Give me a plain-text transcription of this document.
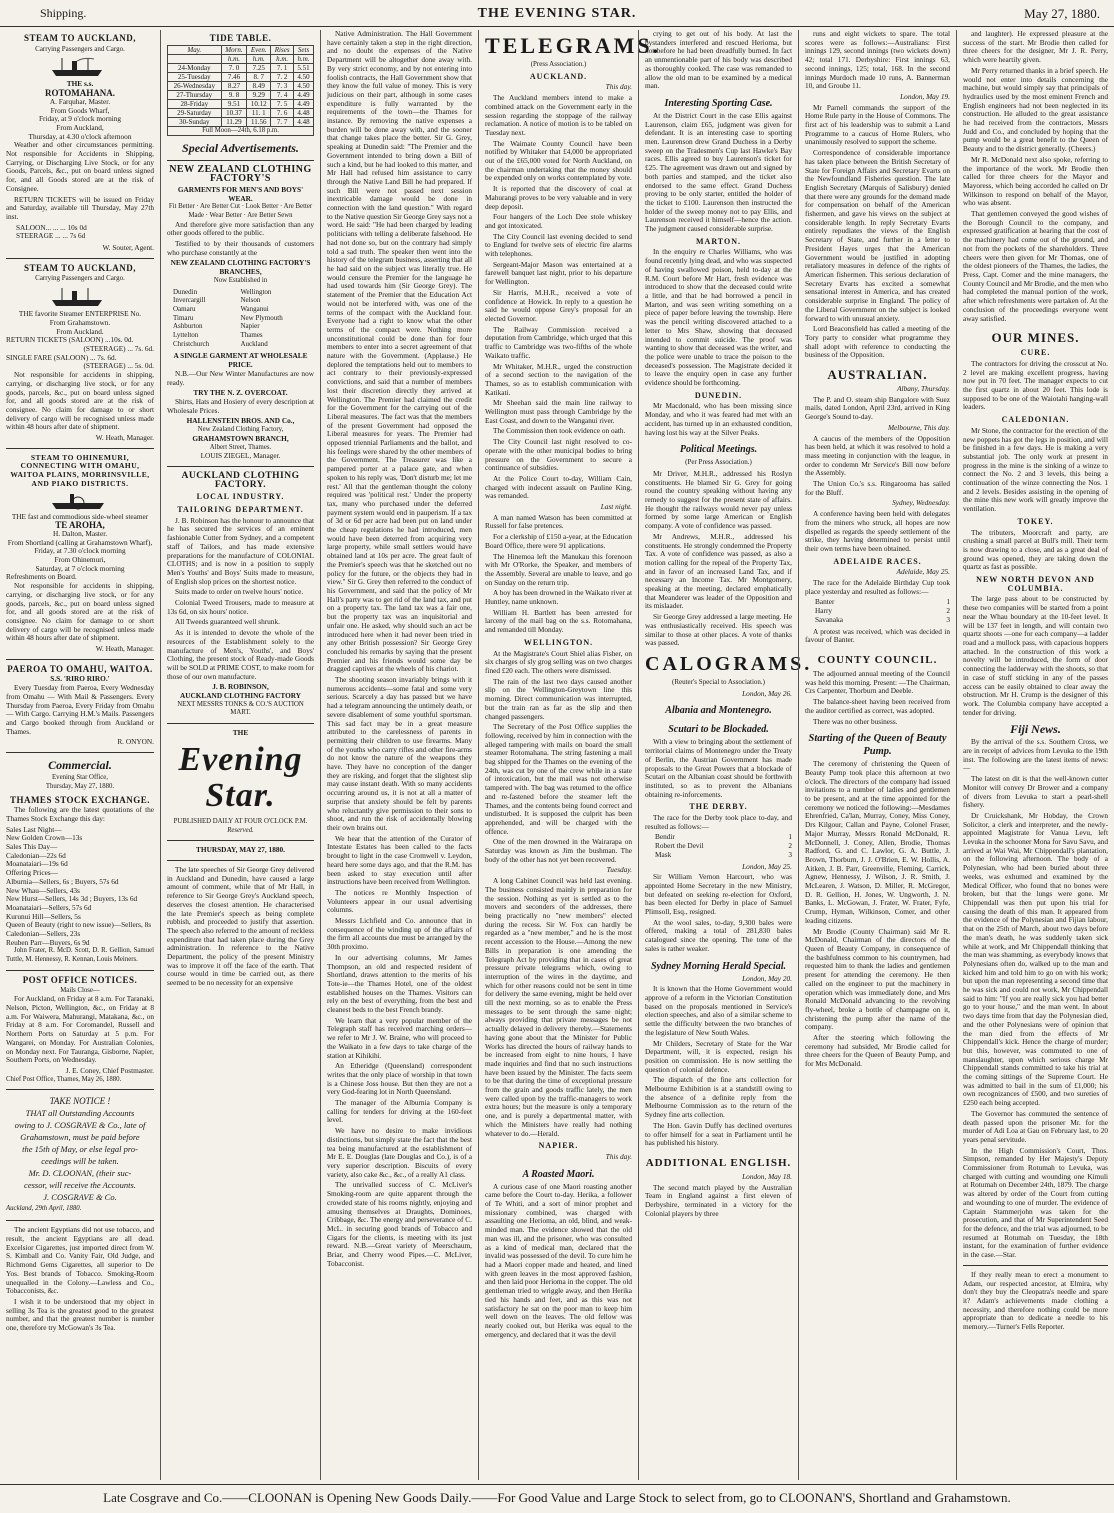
Shipping.	THE EVENING STAR.	May 27, 1880.
STEAM TO AUCKLAND,
Carrying Passengers and Cargo.
THE s.s.
ROTOMAHANA.
A. Farquhar, Master.
From Goods Wharf,
Friday, at 9 o'clock morning
From Auckland,
Thursday, at 4.30 o'clock afternoon

Weather and other circumstances permitting. Not responsible for Accidents in Shipping, Carrying, or Discharging Live Stock, or for any Goods, Parcels, &c., put on board unless signed for, and all Goods stored are at the risk of Consignee.

RETURN TICKETS will be issued on Friday and Saturday, available till Thursday, May 27th inst.

SALOON... ... ... 10s 0d
STEERAGE ... ... 7s 6d
W. Souter, Agent.
STEAM TO AUCKLAND,
Carrying Passengers and Cargo.
THE favorite Steamer ENTERPRISE No.
From Grahamstown.
From Auckland.
RETURN TICKETS (SALOON) ...10s. 0d.
(STEERAGE) ... 7s. 6d.
SINGLE FARE (SALOON) ... 7s. 6d.
(STEERAGE) ... 5s. 0d.

Not responsible for accidents in shipping, carrying, or discharging live stock, or for any goods, parcels, &c., put on board unless signed for, and all goods stored are at the risk of consignee. No claim for damage to or short delivery of cargo will be recognised unless made within 48 hours after date of shipment.

W. Heath, Manager.
STEAM TO OHINEMURI, CONNECTING WITH OMAHU, WAITOA PLAINS, MORRINSVILLE, AND PIAKO DISTRICTS.
THE fast and commodious side-wheel steamer
TE AROHA,
H. Dalton, Master.
From Shortland (calling at Grahamstown Wharf),
Friday, at 7.30 o'clock morning
From Ohinemuri,
Saturday, at 7 o'clock morning
Refreshments on Board.

Not responsible for accidents in shipping, carrying, or discharging live stock, or for any goods, parcels, &c., put on board unless signed for, and all goods stored are at the risk of consignee. No claim for damage to or short delivery of cargo will be recognised unless made within 48 hours after date of shipment.

W. Heath, Manager.
PAEROA TO OMAHU, WAITOA.
S.S. 'RIRO RIRO.'

Every Tuesday from Paeroa, Every Wednesday from Omahu — With Mail & Passengers. Every Thursday from Paeroa, Every Friday from Omahu — With Cargo. Carrying H.M.'s Mails. Passengers and Cargo booked through from Auckland or Thames.

R. ONYON.
Commercial.
Evening Star Office,
Thursday, May 27, 1880.
THAMES STOCK EXCHANGE.

The following are the latest quotations of the Thames Stock Exchange this day:

Sales Last Night—
New Golden Crown—13s
Sales This Day—
Caledonian—22s 6d
Moanataiari—19s 6d
Offering Prices—
Alburnia—Sellers, 6s ; Buyers, 57s 6d
New Whau—Sellers, 43s
New Hurst—Sellers, 14s 3d ; Buyers, 13s 6d
Moanataiari—Sellers, 57s 6d
Kurunui Hill—Sellers, 5s
Queen of Beauty (right to new issue)—Sellers, 8s
Caledonian—Sellers, 23s
Reuben Parr—Buyers, 6s 9d

John Frater, R. McD. Scott, D. R. Gellion, Samuel Tuttle, M. Hennessy, R. Kennan, Louis Meiners.

POST OFFICE NOTICES.
Mails Close—

For Auckland, on Friday at 8 a.m. For Taranaki, Nelson, Picton, Wellington, &c., on Friday at 8 a.m. For Waiwera, Mahurangi, Matakana, &c., on Friday at 8 a.m. For Coromandel, Russell and Northern Ports on Saturday at 5 p.m. For Wangarei, on Monday. For Australian Colonies, on Monday next. For Tauranga, Gisborne, Napier, Southern Ports, on Wednesday.

J. E. Coney, Chief Postmaster.
Chief Post Office, Thames, May 26, 1880.
TAKE NOTICE !
THAT all Outstanding Accounts
owing to J. COSGRAVE & Co., late of
Grahamstown, must be paid before
the 15th of May, or else legal pro-
ceedings will be taken.
Mr. D. CLOONAN, (their suc-
cessor, will receive the Accounts.
J. COSGRAVE & Co.
Auckland, 29th April, 1880.

The ancient Egyptians did not use tobacco, and result, the ancient Egyptians are all dead. Excelsior Cigarettes, just imported direct from W. S. Kimball and Co. Vanity Fair, Old Judge, and Richmond Gems Cigarettes, all superior to De Yos. Best brands of Tobacco. Smoking-Room unequalled in the Colony.—Lawless and Co., Tobacconists, &c.

I wish it to be understood that my object in selling 3s Tea is the greatest good to the greatest number, and that the greatest number is number one, therefore try McGowan's 3s Tea.

TIDE TABLE.
May.	Morn.	Even.	Rises	Sets
	h.m.	h.m.	h.m.	h.m.
24-Monday	7. 0	7.25	7. 1	5.51
25-Tuesday	7.46	8. 7	7. 2	4.50
26-Wednesday	8.27	8.49	7. 3	4.50
27-Thursday	9. 8	9.29	7. 4	4.49
28-Friday	9.51	10.12	7. 5	4.49
29-Saturday	10.37	11. 1	7. 6	4.48
30-Sunday	11.29	11.56	7. 7	4.48
Full Moon—24th, 6.18 p.m.
Special Advertisements.
NEW ZEALAND CLOTHING FACTORY'S
GARMENTS FOR MEN'S AND BOYS' WEAR.
Fit Better · Are Better Cut · Look Better · Are Better Made · Wear Better · Are Better Sewn

And therefore give more satisfaction than any other goods offered to the public.

Testified to by their thousands of customers who purchase constantly at the

NEW ZEALAND CLOTHING FACTORY'S BRANCHES,
Now Established in
Dunedin	Wellington
Invercargill	Nelson
Oamaru	Wanganui
Timaru	New Plymouth
Ashburton	Napier
Lyttelton	Thames
Christchurch	Auckland
A SINGLE GARMENT AT WHOLESALE PRICE.

N.B.—Our New Winter Manufactures are now ready.

TRY THE N. Z. OVERCOAT.

Shirts, Hats and Hosiery of every description at Wholesale Prices.

HALLENSTEIN BROS. AND Co.,
New Zealand Clothing Factory,
GRAHAMSTOWN BRANCH,
Albert Street, Thames.
LOUIS ZIEGEL, Manager.
AUCKLAND CLOTHING FACTORY.
LOCAL INDUSTRY.
TAILORING DEPARTMENT.

J. B. Robinson has the honour to announce that he has secured the services of an eminent fashionable Cutter from Sydney, and a competent staff of Tailors, and has made extensive preparations for the manufacture of COLONIAL CLOTHS; and is now in a position to supply Men's Youths' and Boys' Suits made to measure, of English slop prices on the shortest notice.

Suits made to order on twelve hours' notice.

Colonial Tweed Trousers, made to measure at 13s 6d, on six hours' notice.

All Tweeds guaranteed well shrunk.

As it is intended to devote the whole of the resources of the Establishment solely to the manufacture of Men's, Youths', and Boys' Clothing, the present stock of Ready-made Goods will be SOLD at PRIME COST, to make room for those of our own manufacture.

J. B. ROBINSON,
AUCKLAND CLOTHING FACTORY
NEXT MESSRS TONKS & CO.'S AUCTION MART.
THE
Evening Star.
PUBLISHED DAILY AT FOUR O'CLOCK P.M.
Reserved.
THURSDAY, MAY 27, 1880.

The late speeches of Sir George Grey delivered in Auckland and Dunedin, have caused a large amount of comment, while that of Mr Hall, in reference to Sir George Grey's Auckland speech, deserves the closest attention. He characterised the late Premier's speech as being complete rubbish, and proceeded to justify that assertion. The speech also referred to the amount of reckless expenditure that had taken place during the Grey administration. In reference to the Native Department, the policy of the present Ministry was to improve it off the face of the earth. That course would in time be carried out, as there seemed to be no necessity for an expensive

Native Administration. The Hall Government have certainly taken a step in the right direction, and no doubt the expenses of the Native Department will be altogether done away with. By very strict economy, and by not entering into foolish contracts, the Hall Government show that they know the full value of money. This is very judicious on their part, although in some cases expenditure is fully warranted by the requirements of the town—the Thames for instance. By removing the native expenses a burden will be done away with, and the sooner that change takes place the better. Sir G. Grey, speaking at Dunedin said: "The Premier and the Government intended to bring down a Bill of such a kind, but he had looked to this matter, and Mr Hall had refused him assistance to carry through the Native Land Bill he had prepared. If such Bill were not passed next session inextricable damage would be done in connection with the land question." With regard to the Native question Sir George Grey says not a word. He said: "He had been charged by leading politicians with telling a deliberate falsehood. He had not done so, but on the contrary had simply told a sad truth. The speaker then went into the history of the telegram business, asserting that all he had said on the subject was literally true. He would censure the Premier for the language he had used towards him (Sir George Grey). The statement of the Premier that the Education Act would not be interfered with, was one of the terms of the compact with the Auckland four. Everyone had a right to know what the other terms of the compact were. Nothing more unconstitutional could be done than for four members to enter into a secret agreement of that nature with the Government. (Applause.) He deplored the temptations held out to members to act contrary to their previously-expressed convictions, and said that a number of members lost their discretion directly they arrived at Wellington. The Premier had claimed the credit for the Government for the carrying out of the Liberal measures. The fact was that the members of the present Government had opposed the Liberal measures for years. The Premier had opposed triennial Parliaments and the ballot, and his feelings were shared by the other members of the Government. The Treasurer was like a pampered porter at a palace gate, and when spoken to his reply was, 'Don't disturb me; let me rest.' All that the gentleman thought the colony required was 'political rest.' Under the property tax, many who purchased under the deferred payment system would end in pauperism. If a tax of 3d or 6d per acre had been put on land under the cheap regulations he had introduced, men would have been deterred from acquiring very large property, while small settlers would have obtained land at 10s per acre. The great fault of the Premier's speech was that he sketched out no policy for the future, or the objects they had in view." Sir G. Grey then referred to the conduct of his Government, and said that the policy of Mr Hall's party was to get rid of the land tax, and put on a property tax. The land tax was a fair one, but the property tax was an inquisitorial and unfair one. He asked, why should such an act be introduced here when it had never been tried in any other British possession? Sir George Grey concluded his remarks by saying that the present Premier and his friends would some day be dragged captives at the wheels of his chariot.

The shooting season invariably brings with it numerous accidents—some fatal and some very serious. Scarcely a day has passed but we have had a telegram announcing the untimely death, or severe disablement of some youthful sportsman. This sad fact may be in a great measure attributed to the carelessness of parents in permitting their children to use firearms. Many of the youths who carry rifles and other fire-arms do not know the nature of the weapons they have. They have no conception of the danger they are risking, and forget that the slightest slip may cause instant death. With so many accidents occurring around us, it is not at all a matter of surprise that anxiety should be felt by parents who reluctantly give permission to their sons to shoot, and run the risk of accidentally blowing their own brains out.

We hear that the attention of the Curator of Intestate Estates has been called to the facts brought to light in the case Cromwell v. Leydon, heard here some days ago, and that the R.M. has been asked to stay execution until after instructions have been received from Wellington.

The notices re Monthly Inspection of Volunteers appear in our usual advertising columns.

Messrs Lichfield and Co. announce that in consequence of the winding up of the affairs of the firm all accounts due must be arranged by the 30th proximo.

In our advertising columns, Mr James Thompson, an old and respected resident of Shortland, draws attention to the merits of his Tote-ie—the Thames Hotel, one of the oldest established houses on the Thames. Visitors can rely on the best of everything, from the best and cleanest beds to the best French brandy.

We learn that a very popular member of the Telegraph staff has received marching orders—we refer to Mr J. W. Braine, who will proceed to the Waikato in a few days to take charge of the station at Kihikihi.

An Etheridge (Queensland) correspondent writes that the only place of worship in that town is a Chinese Joss house. But then they are not a very God-fearing lot in North Queensland.

The manager of the Alburnia Company is calling for tenders for driving at the 160-feet level.

We have no desire to make invidious distinctions, but simply state the fact that the best tea being manufactured at the establishment of Mr E. E. Douglas (late Douglas and Co.), is of a very superior description. Biscuits of every variety, also cake &c., &c., of a really A1 class.

The unrivalled success of C. McLiver's Smoking-room are quite apparent through the crowded state of his rooms nightly, enjoying and amusing themselves at Draughts, Dominoes, Cribbage, &c. The energy and perseverance of C. McL. in securing good brands of Tobacco and Cigars for the clients, is meeting with its just reward. N.B.—Great variety of Meerschaum, Briar, and Cherry wood Pipes.—C. McLiver, Tobacconist.

TELEGRAMS.
(Press Association.)
AUCKLAND.
This day.

The Auckland members intend to make a combined attack on the Government early in the session regarding the stoppage of the railway reclamation. A notice of motion is to be tabled on Tuesday next.

The Waimate County Council have been notified by Whitaker that £4,000 be appropriated out of the £65,000 voted for North Auckland, on the chairman undertaking that the money should be expended only on works contemplated by vote.

It is reported that the discovery of coal at Mahurangi proves to be very valuable and in very deep deposit.

Four hangers of the Loch Dee stole whiskey and got intoxicated.

The City Council last evening decided to send to England for twelve sets of electric fire alarms with telephones.

Sergeant-Major Mason was entertained at a farewell banquet last night, prior to his departure for Wellington.

Sir Harris, M.H.R., received a vote of confidence at Howick. In reply to a question he said he would oppose Grey's proposal for an elected Governor.

The Railway Commission received a deputation from Cambridge, which urged that this traffic to Cambridge was two-fifths of the whole Waikato traffic.

Mr Whitaker, M.H.R., urged the construction of a second section to the navigation of the Thames, so as to establish communication with Katikati.

Mr Sheehan said the main line railway to Wellington must pass through Cambridge by the East Coast, and down to the Wanganui river.

The Commission then took evidence on oath.

The City Council last night resolved to co-operate with the other municipal bodies to bring pressure on the Government to secure a continuance of subsidies.

At the Police Court to-day, William Cain, charged with indecent assault on Pauline King, was remanded.

Last night.

A man named Watson has been committed at Russell for false pretences.

For a clerkship of £150 a-year, at the Education Board Office, there were 91 applications.

The Hinemoa left the Manukau this forenoon with Mr O'Rorke, the Speaker, and members of the Assembly. Several are unable to leave, and go on Sunday on the return trip.

A boy has been drowned in the Waikato river at Huntley, name unknown.

William H. Bartlett has been arrested for larceny of the mail bag on the s.s. Rotomahana, and remanded till Monday.

WELLINGTON.

At the Magistrate's Court Shiel alias Fisher, on six charges of sly grog selling was on two charges fined £20 each. The others were dismissed.

The rain of the last two days caused another slip on the Wellington-Greytown line this morning. Direct communication was interrupted, but the train ran as far as the slip and then changed passengers.

The Secretary of the Post Office supplies the following, received by him in connection with the alleged tampering with mails on board the small steamer Rotomahana. The string fastening a mail bag shipped for the Thames on the evening of the 24th, was cut by one of the crew while in a state of intoxication, but the mail was not otherwise tampered with. The bag was returned to the office and re-fastened before the steamer left the Thames, and the contents being found correct and undisturbed. It is supposed the culprit has been apprehended, and will be charged with the offence.

One of the men drowned in the Wairarapa on Saturday was known as Jim the bushman. The body of the other has not yet been recovered.

Tuesday.

A long Cabinet Council was held last evening. The business consisted mainly in preparation for the session. Nothing as yet is settled as to the movers and seconders of the addresses, there being practically no "new members" elected during the recess. Sir W. Fox can hardly be regarded as a "new member," and he is the most recent accession to the House.—Among the new Bills in preparation is one amending the Telegraph Act by providing that in cases of great pressure private telegrams which, owing to interruption of the wires in the daytime, and which for other reasons could not be sent in time for delivery the same evening, might be held over till the next morning, so as to enable the Press messages to be sent through the same night; always providing that private messages be not actually delayed in delivery thereby.—Statements having gone about that the Minister for Public Works has directed the hours of railway hands to be increased from eight to nine hours, I have made inquiries and find that no such instructions have been issued by the Minister. The facts seem to be that during the time of exceptional pressure from the grain and goods traffic lately, the men were called upon by the traffic-managers to work extra hours; but the measure is only a temporary one, and is purely a departmental matter, with which the Ministers have really had nothing whatever to do.—Herald.

NAPIER.
This day.
A Roasted Maori.

A curious case of one Maori roasting another came before the Court to-day. Herika, a follower of Te Whiti, and a sort of minor prophet and missionary combined, was charged with assaulting one Herioma, an old, blind, and weak-minded man. The evidence showed that the old man was ill, and the prisoner, who was consulted as a kind of medical man, declared that the invalid was possessed of the devil. To cure him he had a Maori copper made and heated, and lined with green leaves in the most approved fashion, and then laid poor Herioma in the copper. The old gentleman tried to wriggle away, and then Herika tied his hands and feet, and as this was not satisfactory he sat on the poor man to keep him well down on the leaves. The old fellow was nearly cooked out, but Herika was equal to the emergency, and declared that it was the devil

crying to get out of his body. At last the bystanders interfered and rescued Herioma, but not before he had been dreadfully burned. In fact an unmentionable part of his body was described as thoroughly cooked. The case was remanded to allow the old man to be examined by a medical man.

Interesting Sporting Case.

At the District Court in the case Ellis against Laurenson, claim £65, judgment was given for defendant. It is an interesting case to sporting men. Laurenson drew Grand Duchess in a Derby sweep on the Tradesmen's Cup last Hawke's Bay races. Ellis agreed to buy Laurenson's ticket for £25. The agreement was drawn out and signed by both parties and stamped, and the ticket also endorsed to the same effect. Grand Duchess proving to be only starter, entitled the holder of the ticket to £100. Laurenson then instructed the holder of the sweep money not to pay Ellis, and Laurenson received it himself—hence the action. The judgment caused considerable surprise.

MARTON.

In the enquiry re Charles Williams, who was found recently lying dead, and who was suspected of having swallowed poison, held to-day at the R.M. Court before Mr Hart, fresh evidence was introduced to show that the deceased could write a little, and that he had borrowed a pencil in Marton, and was seen writing something on a piece of paper before leaving the township. Here was the pencil writing discovered attached to a letter to Mrs Shaw, showing that deceased intended to commit suicide. The proof was wanting to show that deceased was the writer, and the police were unable to trace the poison to the deceased's possession. The Magistrate decided it to leave the enquiry open in case any further evidence should be forthcoming.

DUNEDIN.

Mr Macdonald, who has been missing since Monday, and who it was feared had met with an accident, has turned up in an exhausted condition, having lost his way at the Silver Peaks.

Political Meetings.
(Per Press Association.)

Mr Driver, M.H.R., addressed his Roslyn constituents. He blamed Sir G. Grey for going round the country speaking without having any remedy to suggest for the present state of affairs. He thought the railways would never pay unless formed by some large American or English company. A vote of confidence was passed.

Mr Andrews, M.H.R., addressed his constituents. He strongly condemned the Property Tax. A vote of confidence was passed, as also a motion calling for the repeal of the Property Tax, and in favor of an increased Land Tax, and if necessary an Income Tax. Mr Montgomery, speaking at the meeting, declared emphatically that Meanderer was leader of the Opposition and its mislaader.

Sir George Grey addressed a large meeting. He was enthusiastically received. His speech was similar to those at other places. A vote of thanks was passed.

CALOGRAMS.
(Reuter's Special to Association.)
London, May 26.
Albania and Montenegro.
Scutari to be Blockaded.

With a view to bringing about the settlement of territorial claims of Montenegro under the Treaty of Berlin, the Austrian Government has made proposals to the Great Powers that a blockade of Scutari on the Albanian coast should be forthwith instituted, so as to prevent the Albanians obtaining re-inforcements.

THE DERBY.

The race for the Derby took place to-day, and resulted as follows:—

Bendir	1
Robert the Devil	2
Mask	3
London, May 25.

Sir William Vernon Harcourt, who was appointed Home Secretary in the new Ministry, but defeated on seeking re-election for Oxford, has been elected for Derby in place of Samuel Plimsoll, Esq., resigned.

At the wool sales, to-day, 9,300 bales were offered, making a total of 281,830 bales catalogued since the opening. The tone of the sales is rather weaker.

Sydney Morning Herald Special.
London, May 20.

It is known that the Home Government would approve of a reform in the Victorian Constitution based on the proposals mentioned in Service's election speeches, and also of a similar scheme to settle the difficulty between the two branches of the legislature of New South Wales.

Mr Childers, Secretary of State for the War Department, will, it is expected, resign his position on commission. He is now settling the question of colonial defence.

The dispatch of the fine arts collection for Melbourne Exhibition is at a standstill owing to the absence of a definite reply from the Melbourne Commission as to the return of the Sydney fine arts collection.

The Hon. Gavin Duffy has declined overtures to offer himself for a seat in Parliament until he has published his history.

ADDITIONAL ENGLISH.
London, May 18.

The second match played by the Australian Team in England against a first eleven of Derbyshire, terminated in a victory for the Colonial players by three

runs and eight wickets to spare. The total scores were as follows:—Australians: First innings 129, second innings (two wickets down) 42; total 171. Derbyshire: First innings 63, second innings, 125; total, 168. In the second innings Murdoch made 10 runs, A. Bannerman 10, and Groube 11.

London, May 19.

Mr Parnell commands the support of the Home Rule party in the House of Commons. The first act of his leadership was to submit a Land Programme to a caucus of Home Rulers, who unanimously resolved to support the scheme.

Correspondence of considerable importance has taken place between the British Secretary of State for Foreign Affairs and Secretary Evarts on the Newfoundland Fisheries question. The late English Secretary (Marquis of Salisbury) denied that there were any grounds for the demand made for compensation on behalf of the American fishermen, and gave his views on the subject at considerable length. In reply Secretary Evarts entirely repudiates the views of the English Secretary of State, and further in a letter to President Hayes urges that the American Government would be justified in adopting retaliatory measures in defence of the rights of American fishermen. This serious declaration of Secretary Evarts has excited a somewhat sensational interest in America, and has created considerable surprise in England. The policy of the Liberal Government on the subject is looked forward to with unusual anxiety.

Lord Beaconsfield has called a meeting of the Tory party to consider what programme they shall adopt with reference to conducting the business of the Opposition.

AUSTRALIAN.
Albany, Thursday.

The P. and O. steam ship Bangalore with Suez mails, dated London, April 23rd, arrived in King George's Sound to-day.

Melbourne, This day.

A caucus of the members of the Opposition has been held, at which it was resolved to hold a mass meeting in conjunction with the league, in order to condemn Mr Service's Bill now before the Assembly.

The Union Co.'s s.s. Ringarooma has sailed for the Bluff.

Sydney, Wednesday.

A conference having been held with delegates from the miners who struck, all hopes are now dispelled as regards the speedy settlement of the strike, they having determined to persist until their own terms have been obtained.

ADELAIDE RACES.
Adelaide, May 25.

The race for the Adelaide Birthday Cup took place yesterday and resulted as follows:—

Banter	1
Harry	2
Savanaka	3

A protest was received, which was decided in favour of Banter.

COUNTY COUNCIL.

The adjourned annual meeting of the Council was held this morning. Present: —The Chairman, Crs Carpenter, Thorburn and Deeble.

The balance-sheet having been received from the auditor certified as correct, was adopted.

There was no other business.

Starting of the Queen of Beauty Pump.

The ceremony of christening the Queen of Beauty Pump took place this afternoon at two o'clock. The directors of the company had issued invitations to a number of ladies and gentlemen to be present, and at the time appointed for the ceremony we noticed the following:—Mesdames Ehrenfried, Ca'lan, Murray, Coney, Miss Coney, Drs Kilgour, Callan and Payne, Colonel Fraser, Major Murray, Messrs Ronald McDonald, R. McDonnell, J. Coney, Allen, Brodie, Thomas Radford, G. and C. Lawlor, G. A. Buttle, J. Brown, Thorburn, J. J. O'Brien, E. W. Hollis, A. Aitken, J. B. Parr, Greenville, Fleming, Carrick, Agnew, Hennessy, J. Wilson, J. R. Smith, J. McLearen, J. Watson, D. Miller, R. McGregor, D. R. Gellion, H. Jones, W. Ungworth, J. N. Banks, L. McGowan, J. Frater, W. Frater, Fyfe, Crump, Hyman, Wilkinson, Comer, and other leading citizens.

Mr Brodie (County Chairman) said Mr R. McDonald, Chairman of the directors of the Queen of Beauty Company, in consequence of the bashfulness common to his countrymen, had requested him to thank the ladies and gentlemen present for attending the ceremony. He then called on the engineer to put the machinery in operation which was immediately done, and Mrs Ronald McDonald advancing to the revolving fly-wheel, broke a bottle of champagne on it, christening the pump after the name of the company.

After the steering which following the ceremony had subsided, Mr Brodie called for three cheers for the Queen of Beauty Pump, and for Mrs McDonald.

and laughter). He expressed pleasure at the success of the start. Mr Brodie then called for three cheers for the designer, Mr J. R. Perry, which were heartily given.

Mr Perry returned thanks in a brief speech. He would not enter into details concerning the machine, but would simply say that principals of hydraulics used by the most eminent French and English engineers had not been neglected in its construction. He alluded to the great assistance he had received from the contractors, Messrs Judd and Co., and concluded by hoping that the pump would be a great benefit to the Queen of Beauty and to the district generally. (Cheers.)

Mr R. McDonald next also spoke, referring to the importance of the work. Mr Brodie then called for three cheers for the Mayor and Mayoress, which being accorded he called on Dr Wilkinson to respond on behalf of the Mayor, who was absent.

That gentlemen conveyed the good wishes of the Borough Council to the company, and expressed gratification at hearing that the cost of the machinery had come out of the ground, and not from the pockets of the shareholders. Three cheers were then given for Mr Thomas, one of the oldest pioneers of the Thames, the ladies, the Press, Capt. Comer and the mine managers, the County Council and Mr Brodie, and the men who had completed the manual portion of the work, after which refreshments were partaken of. At the conclusion of the proceedings everyone went away satisfied.

OUR MINES.
CURE.

The contractors for driving the crosscut at No. 2 level are making excellent progress, having now put in 70 feet. The manager expects to cut the first quartz in about 20 feet. This lode is supposed to be one of the Waiotahi hanging-wall leaders.

CALEDONIAN.

Mr Stone, the contractor for the erection of the new poppets has got the legs in position, and will be finished in a few days. He is making a very substantial job. The only work at present in progress in the mine is the sinking of a winze to connect the No. 2 and 3 levels, this being a continuation of the winze connecting the Nos. 1 and 2 levels. Besides assisting in the opening of the mine this new work will greatly improve the ventilation.

TOKEY.

The tributers, Moorcraft and party, are crushing a small parcel at Bull's mill. Their term is now drawing to a close, and as a great deal of ground was opened, they are taking down the quartz as fast as possible.

NEW NORTH DEVON AND COLUMBIA.

The large pass about to be constructed by these two companies will be started from a point near the Whau boundary at the 10-feet level. It will be 137 feet in length, and will contain two quartz shoots —one for each company—a ladder road and a mullock pass, with capacious hoppers attached. In the construction of this work a novelty will be introduced, the form of door connecting the ladderway with the shoots, so that in case of stuff sticking in any of the passes access can be easily obtained to clear away the obstruction. Mr H. Crump is the designer of this work. The Columbia company have accepted a tender for driving.

Fiji News.

By the arrival of the s.s. Southern Cross, we are in receipt of advices from Levuka to the 19th inst. The following are the latest items of news:—

The latest on dit is that the well-known cutter Monitor will convey Dr Brower and a company of divers from Levuka to start a pearl-shell fishery.

Dr Cruickshank, Mr Hobday, the Crown Solicitor, a clerk and interpreter, and the newly-appointed Magistrate for Vanua Levu, left Levuka in the schooner Mona for Savu Savu, and arrived at Wai Wai, Mr Chippendall's plantation, on the following afternoon. The body of a Polynesian, who had been buried about three weeks, was exhumed and examined by the Medical Officer, who found that no bones were broken, but that the lungs were gone. Mr Chippendall was then put upon his trial for causing the death of this man. It appeared from the evidence of the Polynesian and Fijian labour, that on the 25th of March, about two days before the man's death, he was suddenly taken sick while at work, and Mr Chippendall thinking that the man was shamming, as everybody knows that Polynesians often do, walked up to the man and kicked him and told him to go on with his work; but upon the man representing a second time that he was sick and could not work, Mr Chippendall said to him: "If you are really sick you had better go to your house," and the man went. In about two days time from that day the Polynesian died, and the other Polynesians were of opinion that the man died from the effects of Mr Chippendall's kick. Hence the charge of murder; but this, however, was commuted to one of manslaughter, upon which serious charge Mr Chippendall stands committed to take his trial at the coming sittings of the Supreme Court. He was admitted to bail in the sum of £1,000; his own recognizances of £500, and two sureties of £250 each being accepted.

The Governor has commuted the sentence of death passed upon the prisoner Mr. for the murder of Adi Loa at Gau on February last, to 20 years penal servitude.

In the High Commission's Court, Thos. Simpson, remanded by Her Majesty's Deputy Commissioner from Rotumah to Levuka, was charged with cutting and wounding one Kimuli at Rotumah on December 24th, 1879. The charge was altered by order of the Court from cutting and wounding to one of murder. The evidence of Captain Stammerjohn was taken for the prosecution, and that of Mr Superintendent Seed for the defence, and the trial was adjourned, to be resumed at Rotumah on Tuesday, the 18th instant, for the examination of further evidence in the case.—Star.

If they really mean to erect a monument to Adam, our respected ancestor, at Elmira, why don't they buy the Cleopatra's needle and spare it? Adam's achievements made clothing a necessity, and therefore nothing could be more appropriate than to dedicate a needle to his memory.—Turner's Fells Reporter.

Late Cosgrave and Co.——CLOONAN is Opening New Goods Daily.——For Good Value and Large Stock to select from, go to CLOONAN'S, Shortland and Grahamstown.
